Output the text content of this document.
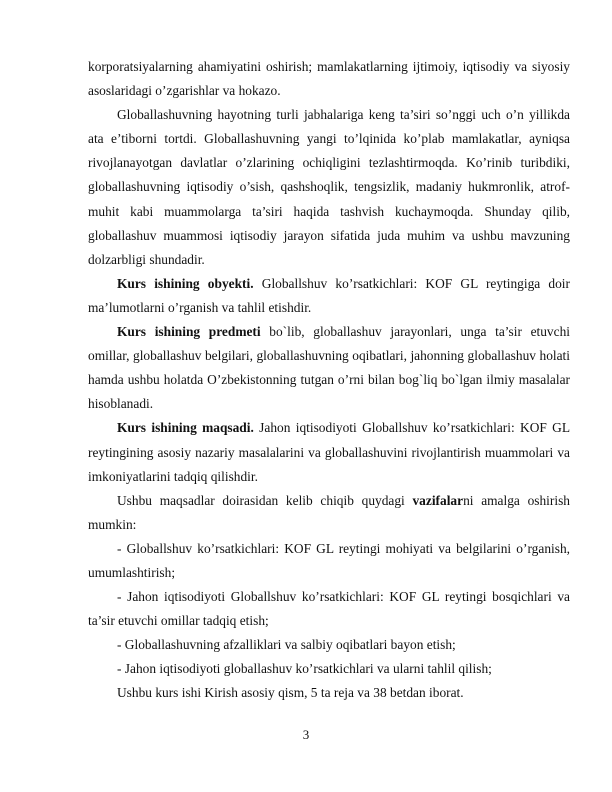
korporatsiyalarning ahamiyatini oshirish; mamlakatlarning ijtimoiy, iqtisodiy va siyosiy asoslaridagi o’zgarishlar va hokazo.

Globallashuvning hayotning turli jabhalariga keng ta’siri so’nggi uch o’n yillikda ata e’tiborni tortdi. Globallashuvning yangi to’lqinida ko’plab mamlakatlar, ayniqsa rivojlanayotgan davlatlar o’zlarining ochiqligini tezlashtirmoqda. Ko’rinib turibdiki, globallashuvning iqtisodiy o’sish, qashshoqlik, tengsizlik, madaniy hukmronlik, atrof-muhit kabi muammolarga ta’siri haqida tashvish kuchaymoqda. Shunday qilib, globallashuv muammosi iqtisodiy jarayon sifatida juda muhim va ushbu mavzuning dolzarbligi shundadir.

Kurs ishining obyekti. Globallshuv ko’rsatkichlari: KOF GL reytingiga doir ma’lumotlarni o’rganish va tahlil etishdir.

Kurs ishining predmeti bo`lib, globallashuv jarayonlari, unga ta’sir etuvchi omillar, globallashuv belgilari, globallashuvning oqibatlari, jahonning globallashuv holati hamda ushbu holatda O’zbekistonning tutgan o’rni bilan bog`liq bo`lgan ilmiy masalalar hisoblanadi.

Kurs ishining maqsadi. Jahon iqtisodiyoti Globallshuv ko’rsatkichlari: KOF GL reytingining asosiy nazariy masalalarini va globallashuvini rivojlantirish muammolari va imkoniyatlarini tadqiq qilishdir.

Ushbu maqsadlar doirasidan kelib chiqib quydagi vazifalarni amalga oshirish mumkin:

- Globallshuv ko’rsatkichlari: KOF GL reytingi mohiyati va belgilarini o’rganish, umumlashtirish;

- Jahon iqtisodiyoti Globallshuv ko’rsatkichlari: KOF GL reytingi bosqichlari va ta’sir etuvchi omillar tadqiq etish;

- Globallashuvning afzalliklari va salbiy oqibatlari bayon etish;

- Jahon iqtisodiyoti globallashuv ko’rsatkichlari va ularni tahlil qilish;

Ushbu kurs ishi Kirish asosiy qism, 5 ta reja va 38 betdan iborat.

3
